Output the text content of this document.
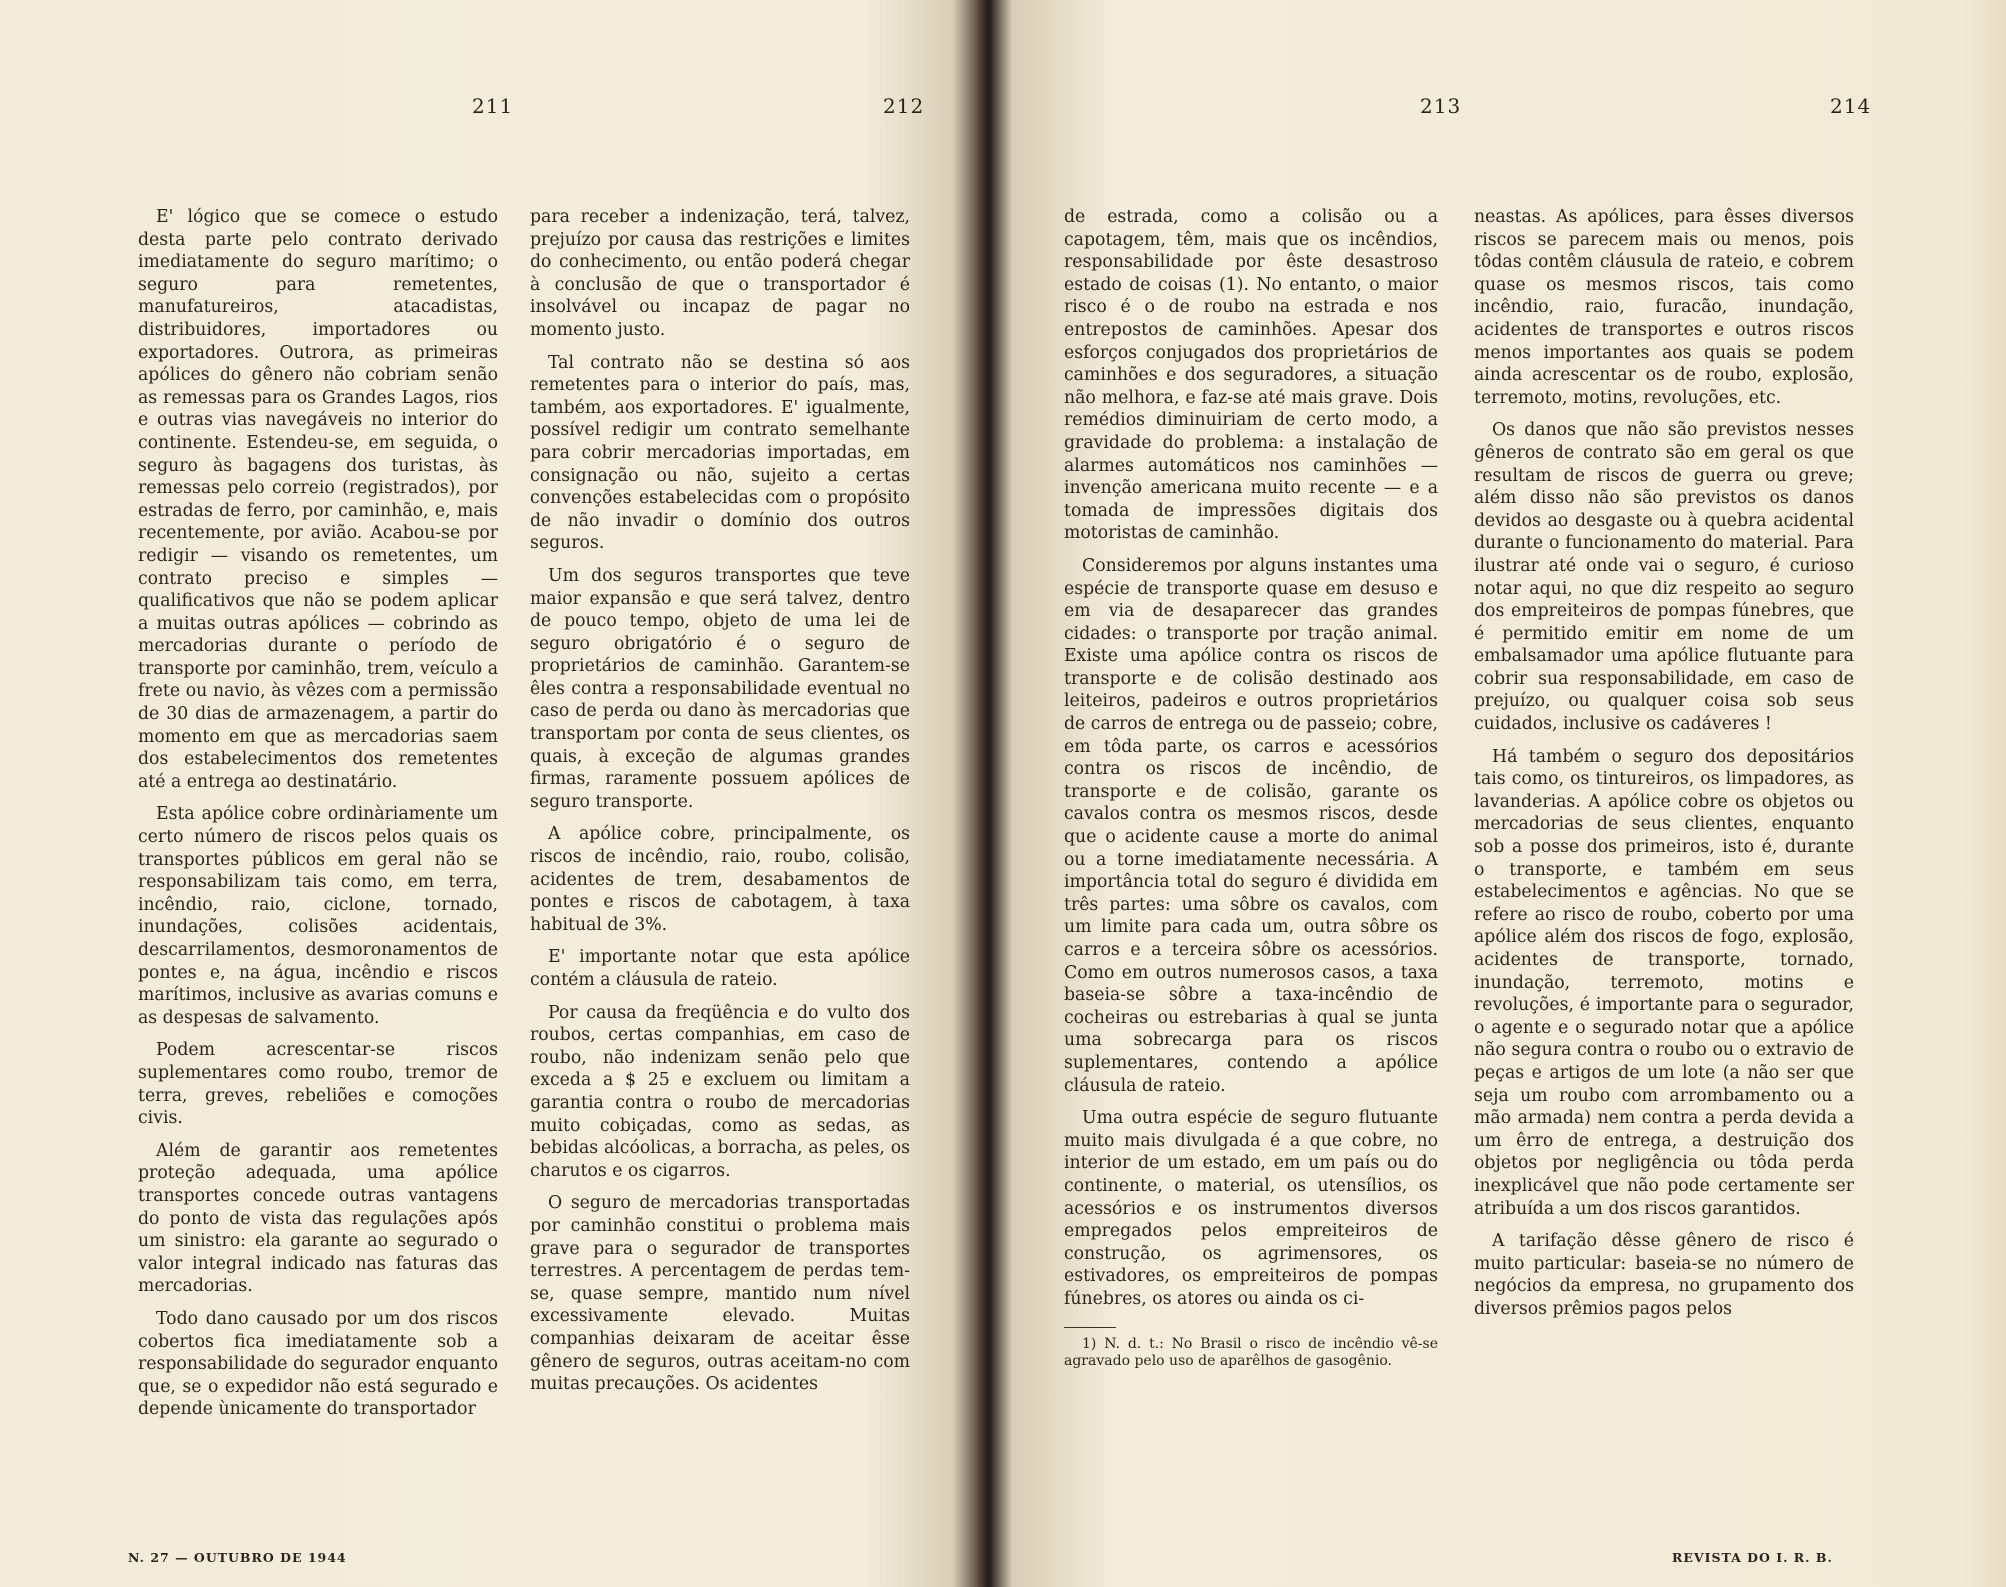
211	212

E' lógico que se comece o estudo desta parte pelo contrato derivado imediatamente do seguro marítimo; o seguro para remetentes, manufatureiros, atacadistas, distribuidores, importadores ou exportadores. Outrora, as primeiras apólices do gênero não cobriam senão as remessas para os Grandes Lagos, rios e outras vias navegáveis no interior do continente. Estendeu-se, em seguida, o seguro às bagagens dos turistas, às remessas pelo correio (registrados), por estradas de ferro, por caminhão, e, mais recentemente, por avião. Acabou-se por redigir — visando os remetentes, um contrato preciso e simples — qualificativos que não se podem aplicar a muitas outras apólices — cobrindo as mercadorias durante o período de transporte por caminhão, trem, veículo a frete ou navio, às vêzes com a permissão de 30 dias de armazenagem, a partir do momento em que as mercadorias saem dos estabelecimentos dos remetentes até a entrega ao destinatário.

Esta apólice cobre ordinàriamente um certo número de riscos pelos quais os transportes públicos em geral não se responsabilizam tais como, em terra, incêndio, raio, ciclone, tornado, inundações, colisões acidentais, descarrilamentos, desmoronamentos de pontes e, na água, incêndio e riscos marítimos, inclusive as avarias comuns e as despesas de salvamento.

Podem acrescentar-se riscos suplementares como roubo, tremor de terra, greves, rebeliões e comoções civis.

Além de garantir aos remetentes proteção adequada, uma apólice transportes concede outras vantagens do ponto de vista das regulações após um sinistro: ela garante ao segurado o valor integral indicado nas faturas das mercadorias.

Todo dano causado por um dos riscos cobertos fica imediatamente sob a responsabilidade do segurador enquanto que, se o expedidor não está segurado e depende ùnicamente do transportador

para receber a indenização, terá, talvez, prejuízo por causa das restrições e limites do conhecimento, ou então poderá chegar à conclusão de que o transportador é insolvável ou incapaz de pagar no momento justo.

Tal contrato não se destina só aos remetentes para o interior do país, mas, também, aos exportadores. E' igualmente, possível redigir um contrato semelhante para cobrir mercadorias importadas, em consignação ou não, sujeito a certas convenções estabelecidas com o propósito de não invadir o domínio dos outros seguros.

Um dos seguros transportes que teve maior expansão e que será talvez, dentro de pouco tempo, objeto de uma lei de seguro obrigatório é o seguro de proprietários de caminhão. Garantem-se êles contra a responsabilidade eventual no caso de perda ou dano às mercadorias que transportam por conta de seus clientes, os quais, à exceção de algumas grandes firmas, raramente possuem apólices de seguro transporte.

A apólice cobre, principalmente, os riscos de incêndio, raio, roubo, colisão, acidentes de trem, desabamentos de pontes e riscos de cabotagem, à taxa habitual de 3%.

E' importante notar que esta apólice contém a cláusula de rateio.

Por causa da freqüência e do vulto dos roubos, certas companhias, em caso de roubo, não indenizam senão pelo que exceda a $ 25 e excluem ou limitam a garantia contra o roubo de mercadorias muito cobiçadas, como as sedas, as bebidas alcóolicas, a borracha, as peles, os charutos e os cigarros.

O seguro de mercadorias transportadas por caminhão constitui o problema mais grave para o segurador de transportes terrestres. A percentagem de perdas tem-se, quase sempre, mantido num nível excessivamente elevado. Muitas companhias deixaram de aceitar êsse gênero de seguros, outras aceitam-no com muitas precauções. Os acidentes

N. 27 — OUTUBRO DE 1944
213	214

de estrada, como a colisão ou a capotagem, têm, mais que os incêndios, responsabilidade por êste desastroso estado de coisas (1). No entanto, o maior risco é o de roubo na estrada e nos entrepostos de caminhões. Apesar dos esforços conjugados dos proprietários de caminhões e dos seguradores, a situação não melhora, e faz-se até mais grave. Dois remédios diminuiriam de certo modo, a gravidade do problema: a instalação de alarmes automáticos nos caminhões — invenção americana muito recente — e a tomada de impressões digitais dos motoristas de caminhão.

Consideremos por alguns instantes uma espécie de transporte quase em desuso e em via de desaparecer das grandes cidades: o transporte por tração animal. Existe uma apólice contra os riscos de transporte e de colisão destinado aos leiteiros, padeiros e outros proprietários de carros de entrega ou de passeio; cobre, em tôda parte, os carros e acessórios contra os riscos de incêndio, de transporte e de colisão, garante os cavalos contra os mesmos riscos, desde que o acidente cause a morte do animal ou a torne imediatamente necessária. A importância total do seguro é dividida em três partes: uma sôbre os cavalos, com um limite para cada um, outra sôbre os carros e a terceira sôbre os acessórios. Como em outros numerosos casos, a taxa baseia-se sôbre a taxa-incêndio de cocheiras ou estrebarias à qual se junta uma sobrecarga para os riscos suplementares, contendo a apólice cláusula de rateio.

Uma outra espécie de seguro flutuante muito mais divulgada é a que cobre, no interior de um estado, em um país ou do continente, o material, os utensílios, os acessórios e os instrumentos diversos empregados pelos empreiteiros de construção, os agrimensores, os estivadores, os empreiteiros de pompas fúnebres, os atores ou ainda os ci-

1) N. d. t.: No Brasil o risco de incêndio vê-se agravado pelo uso de aparêlhos de gasogênio.

neastas. As apólices, para êsses diversos riscos se parecem mais ou menos, pois tôdas contêm cláusula de rateio, e cobrem quase os mesmos riscos, tais como incêndio, raio, furacão, inundação, acidentes de transportes e outros riscos menos importantes aos quais se podem ainda acrescentar os de roubo, explosão, terremoto, motins, revoluções, etc.

Os danos que não são previstos nesses gêneros de contrato são em geral os que resultam de riscos de guerra ou greve; além disso não são previstos os danos devidos ao desgaste ou à quebra acidental durante o funcionamento do material. Para ilustrar até onde vai o seguro, é curioso notar aqui, no que diz respeito ao seguro dos empreiteiros de pompas fúnebres, que é permitido emitir em nome de um embalsamador uma apólice flutuante para cobrir sua responsabilidade, em caso de prejuízo, ou qualquer coisa sob seus cuidados, inclusive os cadáveres !

Há também o seguro dos depositários tais como, os tintureiros, os limpadores, as lavanderias. A apólice cobre os objetos ou mercadorias de seus clientes, enquanto sob a posse dos primeiros, isto é, durante o transporte, e também em seus estabelecimentos e agências. No que se refere ao risco de roubo, coberto por uma apólice além dos riscos de fogo, explosão, acidentes de transporte, tornado, inundação, terremoto, motins e revoluções, é importante para o segurador, o agente e o segurado notar que a apólice não segura contra o roubo ou o extravio de peças e artigos de um lote (a não ser que seja um roubo com arrombamento ou a mão armada) nem contra a perda devida a um êrro de entrega, a destruição dos objetos por negligência ou tôda perda inexplicável que não pode certamente ser atribuída a um dos riscos garantidos.

A tarifação dêsse gênero de risco é muito particular: baseia-se no número de negócios da empresa, no grupamento dos diversos prêmios pagos pelos

REVISTA DO I. R. B.
